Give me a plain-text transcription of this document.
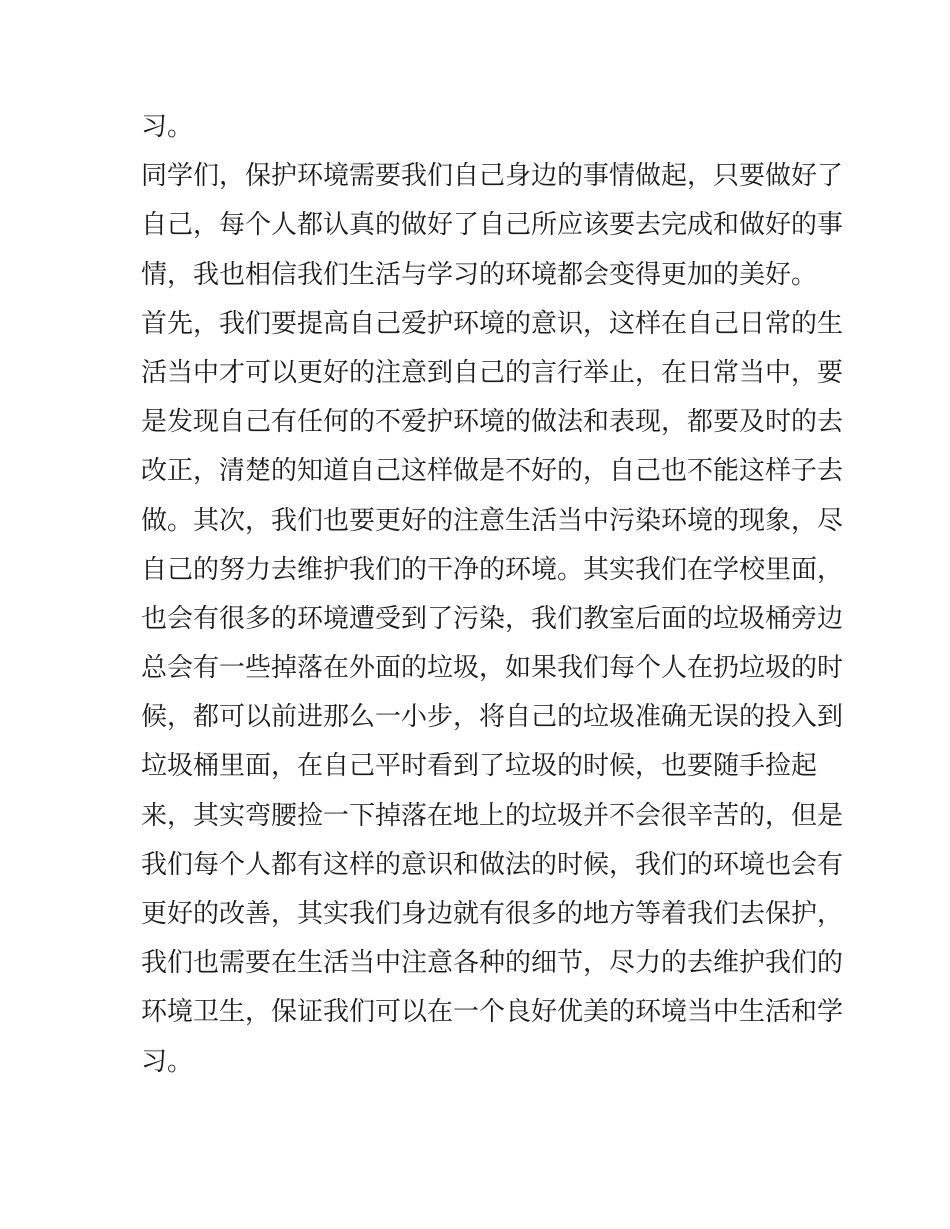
习。
同学们，保护环境需要我们自己身边的事情做起，只要做好了
自己，每个人都认真的做好了自己所应该要去完成和做好的事
情，我也相信我们生活与学习的环境都会变得更加的美好。
首先，我们要提高自己爱护环境的意识，这样在自己日常的生
活当中才可以更好的注意到自己的言行举止，在日常当中，要
是发现自己有任何的不爱护环境的做法和表现，都要及时的去
改正，清楚的知道自己这样做是不好的，自己也不能这样子去
做。其次，我们也要更好的注意生活当中污染环境的现象，尽
自己的努力去维护我们的干净的环境。其实我们在学校里面，
也会有很多的环境遭受到了污染，我们教室后面的垃圾桶旁边
总会有一些掉落在外面的垃圾，如果我们每个人在扔垃圾的时
候，都可以前进那么一小步，将自己的垃圾准确无误的投入到
垃圾桶里面，在自己平时看到了垃圾的时候，也要随手捡起
来，其实弯腰捡一下掉落在地上的垃圾并不会很辛苦的，但是
我们每个人都有这样的意识和做法的时候，我们的环境也会有
更好的改善，其实我们身边就有很多的地方等着我们去保护，
我们也需要在生活当中注意各种的细节，尽力的去维护我们的
环境卫生，保证我们可以在一个良好优美的环境当中生活和学
习。
